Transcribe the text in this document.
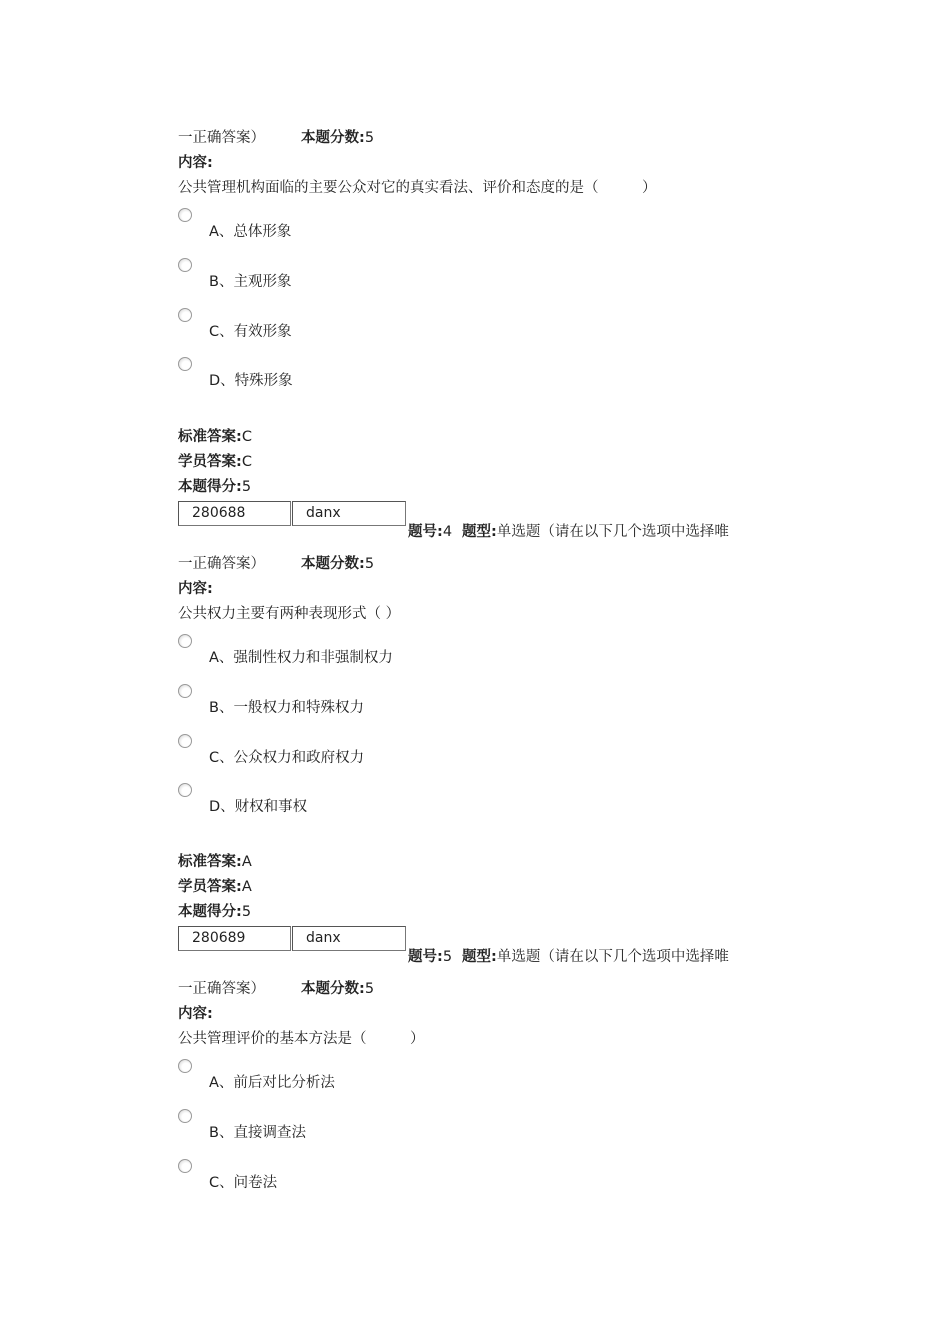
一正确答案） 本题分数:5
内容:
公共管理机构面临的主要公众对它的真实看法、评价和态度的是（　　　）
A、总体形象
B、主观形象
C、有效形象
D、特殊形象
标准答案:C
学员答案:C
本题得分:5
280688	danx
题号:4 题型:单选题（请在以下几个选项中选择唯
一正确答案） 本题分数:5
内容:
公共权力主要有两种表现形式（ ）
A、强制性权力和非强制权力
B、一般权力和特殊权力
C、公众权力和政府权力
D、财权和事权
标准答案:A
学员答案:A
本题得分:5
280689	danx
题号:5 题型:单选题（请在以下几个选项中选择唯
一正确答案） 本题分数:5
内容:
公共管理评价的基本方法是（　　　）
A、前后对比分析法
B、直接调查法
C、问卷法
